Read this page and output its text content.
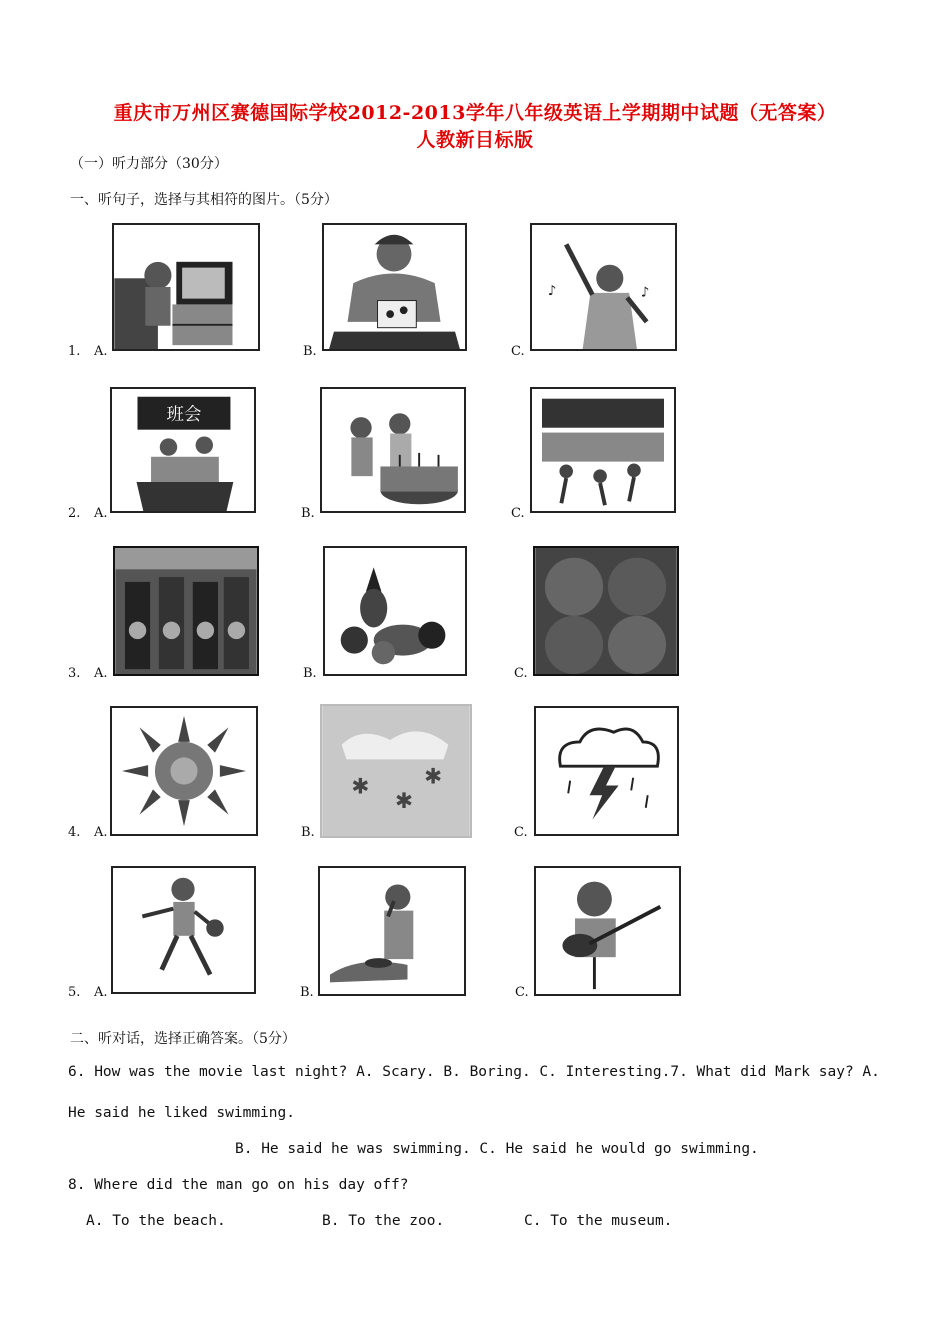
重庆市万州区赛德国际学校2012-2013学年八年级英语上学期期中试题（无答案）
人教新目标版
（一）听力部分（30分）
一、听句子，选择与其相符的图片。（5分）
♪	♪
1. A.	B.	C.
班会
2. A.	B.	C.
3. A.	B.	C.
✱
✱
✱
4. A.	B.	C.
5. A.	B.	C.
二、听对话，选择正确答案。（5分）
6. How was the movie last night? A. Scary. B. Boring. C. Interesting.7. What did Mark say? A.
He said he liked swimming.
B. He said he was swimming. C. He said he would go swimming.
8. Where did the man go on his day off?
A. To the beach.	B. To the zoo.	C. To the museum.
